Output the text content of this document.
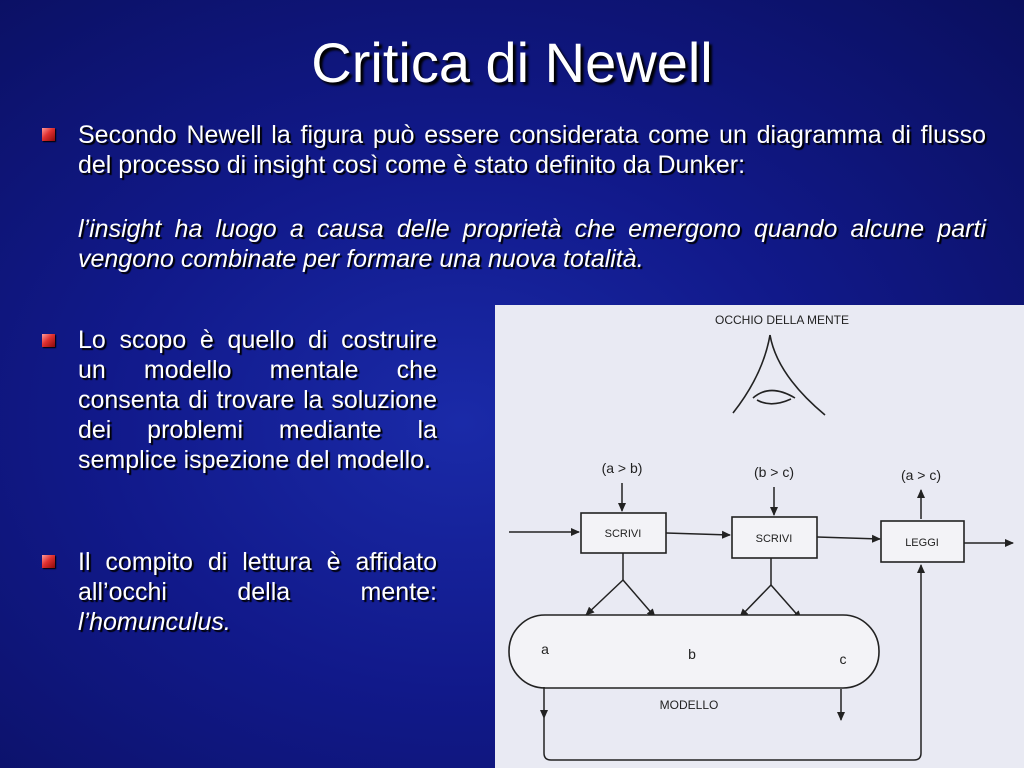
Critica di Newell
Secondo Newell la figura può essere considerata come un diagramma di flusso del processo di insight così come è stato definito da Dunker:
l’insight ha luogo a causa delle proprietà che emergono quando alcune parti vengono combinate per formare una nuova totalità.
Lo scopo è quello di costruire un modello mentale che consenta di trovare la soluzione dei problemi mediante la semplice ispezione del modello.
Il compito di lettura è affidato all’occhi della mente: l’homunculus.
OCCHIO DELLA MENTE
(a > b)	(b > c)	(a > c)
SCRIVI	SCRIVI	LEGGI
a	b	c
MODELLO
